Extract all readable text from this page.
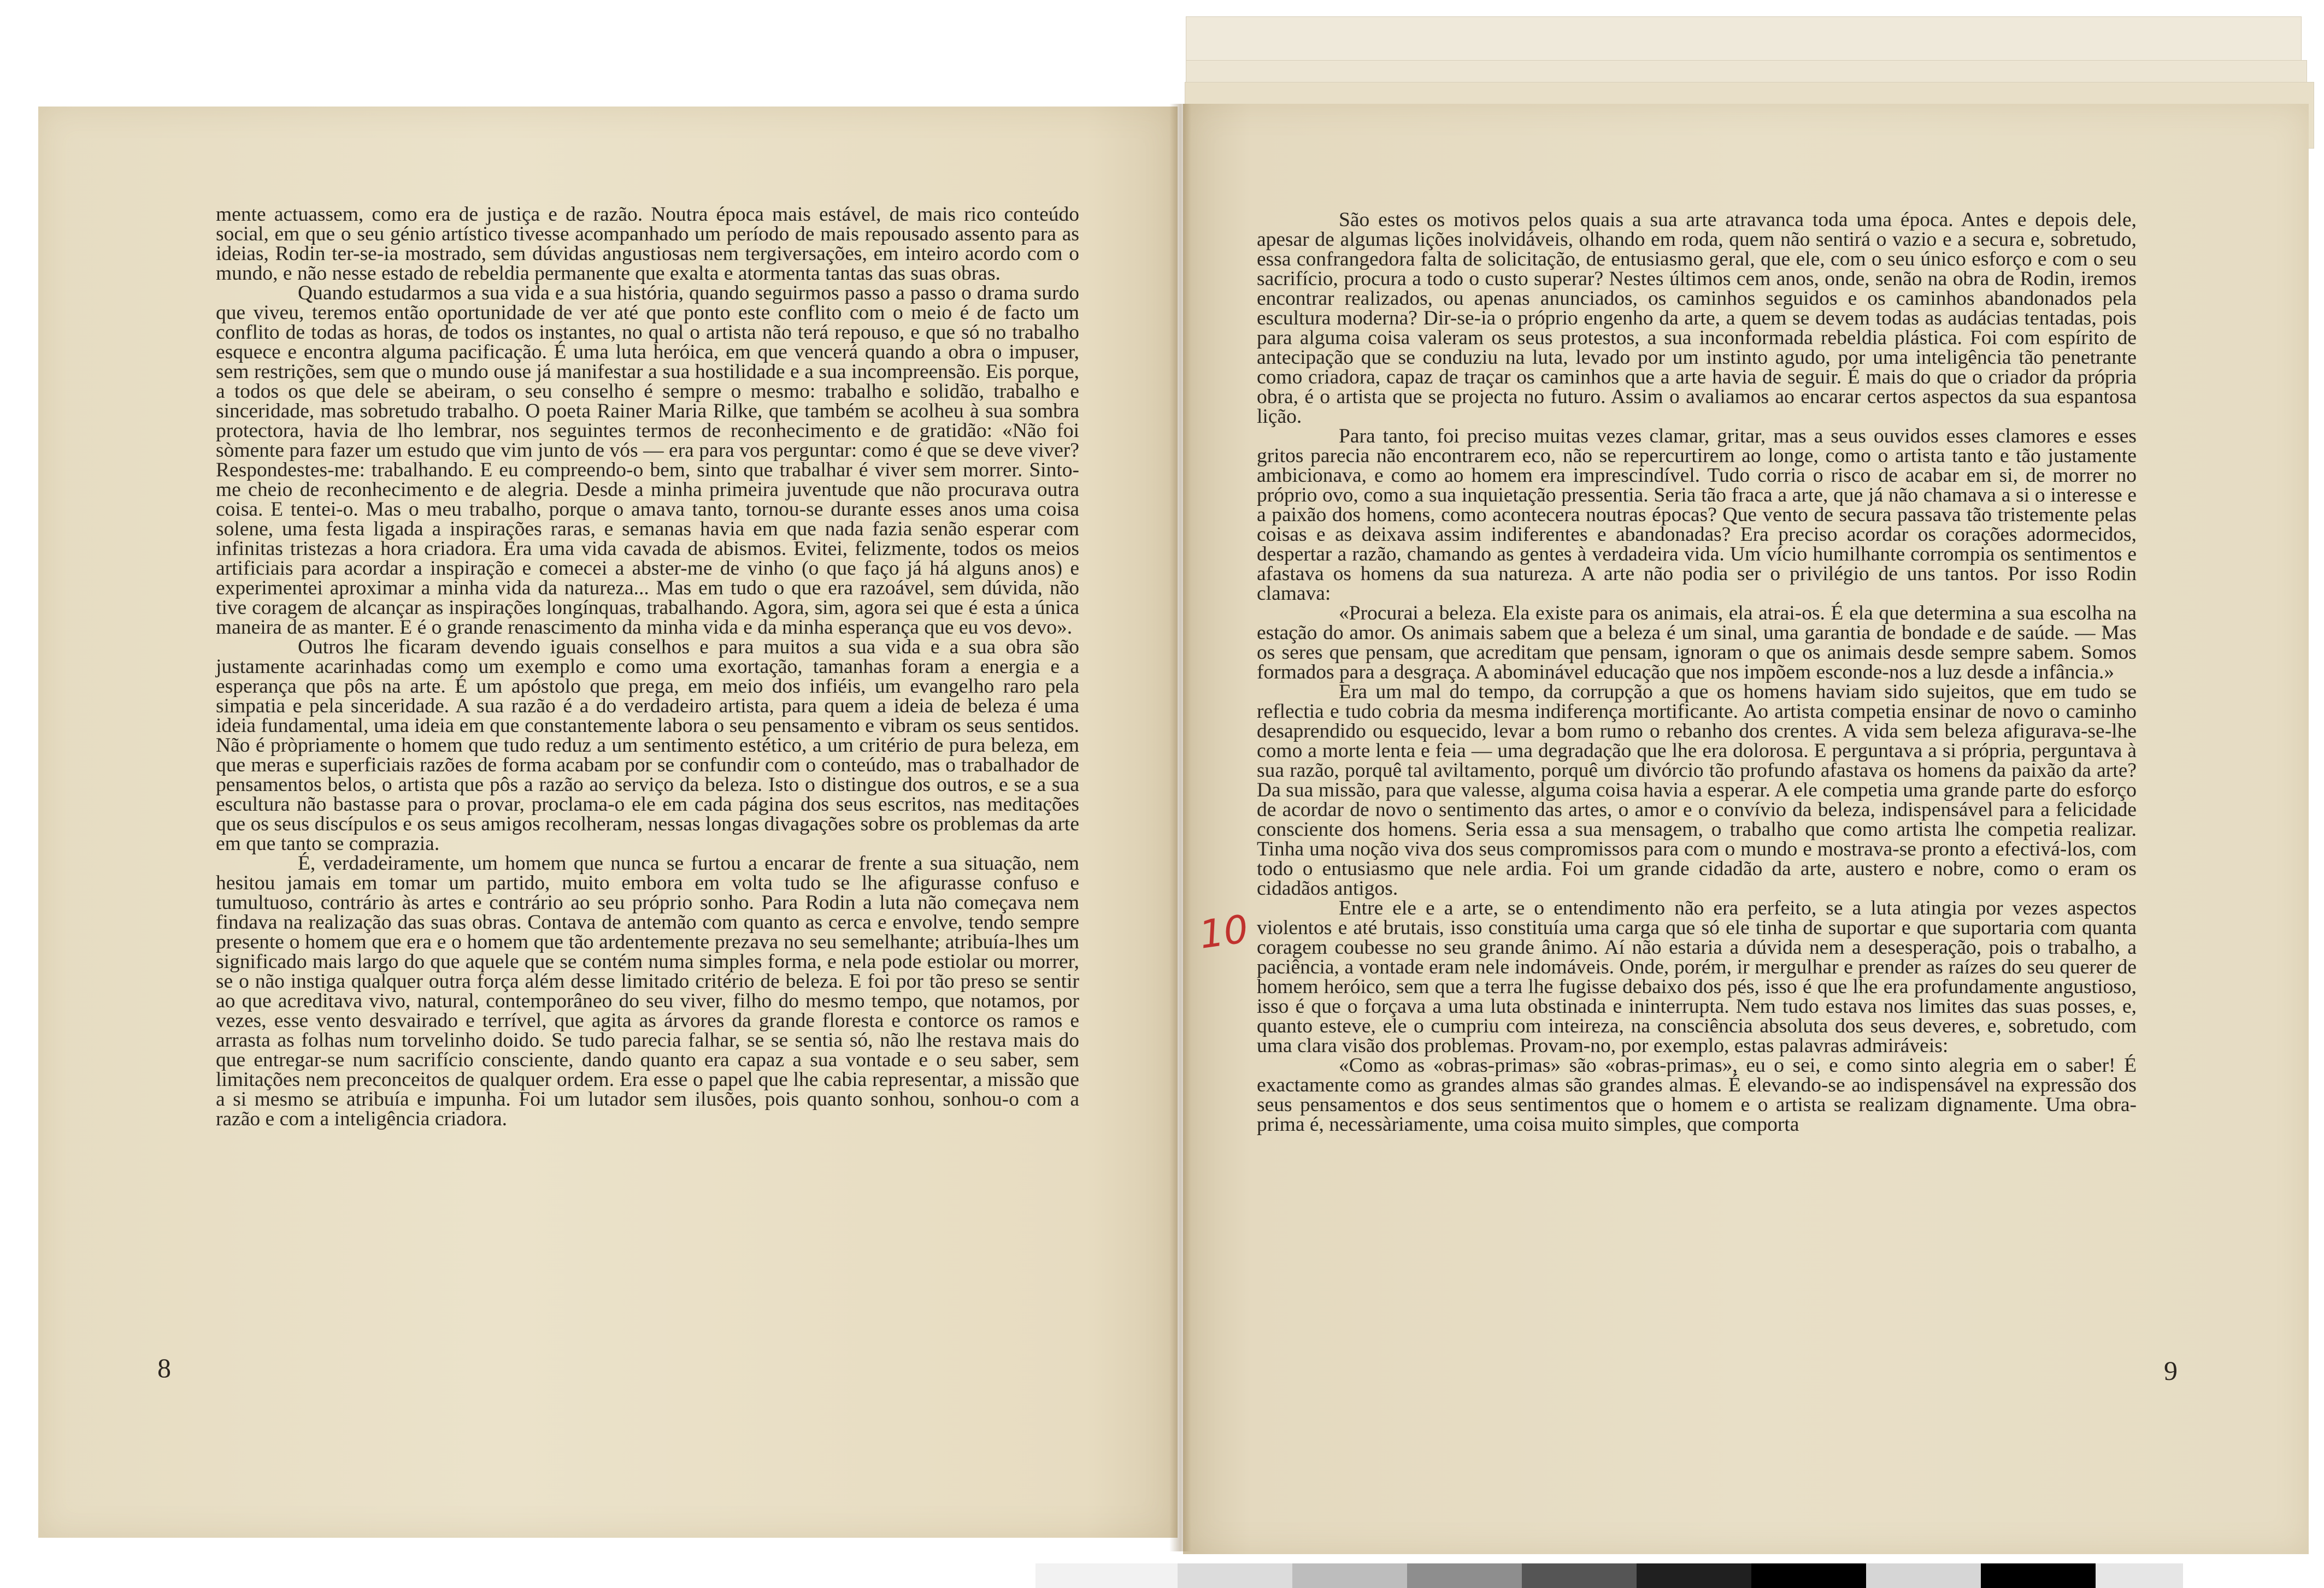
mente actuassem, como era de justiça e de razão. Noutra época mais estável, de mais rico conteúdo social, em que o seu génio artístico tivesse acompanhado um período de mais repousado assento para as ideias, Rodin ter-se-ia mostrado, sem dúvidas angustiosas nem tergiversações, em inteiro acordo com o mundo, e não nesse estado de rebeldia permanente que exalta e atormenta tantas das suas obras.

Quando estudarmos a sua vida e a sua história, quando seguirmos passo a passo o drama surdo que viveu, teremos então oportunidade de ver até que ponto este conflito com o meio é de facto um conflito de todas as horas, de todos os instantes, no qual o artista não terá repouso, e que só no trabalho esquece e encontra alguma pacificação. É uma luta heróica, em que vencerá quando a obra o impuser, sem restrições, sem que o mundo ouse já manifestar a sua hostilidade e a sua incompreensão. Eis porque, a todos os que dele se abeiram, o seu conselho é sempre o mesmo: trabalho e solidão, trabalho e sinceridade, mas sobretudo trabalho. O poeta Rainer Maria Rilke, que também se acolheu à sua sombra protectora, havia de lho lembrar, nos seguintes termos de reconhecimento e de gratidão: «Não foi sòmente para fazer um estudo que vim junto de vós — era para vos perguntar: como é que se deve viver? Respondestes-me: trabalhando. E eu compreendo-o bem, sinto que trabalhar é viver sem morrer. Sinto-me cheio de reconhecimento e de alegria. Desde a minha primeira juventude que não procurava outra coisa. E tentei-o. Mas o meu trabalho, porque o amava tanto, tornou-se durante esses anos uma coisa solene, uma festa ligada a inspirações raras, e semanas havia em que nada fazia senão esperar com infinitas tristezas a hora criadora. Era uma vida cavada de abismos. Evitei, felizmente, todos os meios artificiais para acordar a inspiração e comecei a abster-me de vinho (o que faço já há alguns anos) e experimentei aproximar a minha vida da natureza... Mas em tudo o que era razoável, sem dúvida, não tive coragem de alcançar as inspirações longínquas, trabalhando. Agora, sim, agora sei que é esta a única maneira de as manter. E é o grande renascimento da minha vida e da minha esperança que eu vos devo».

Outros lhe ficaram devendo iguais conselhos e para muitos a sua vida e a sua obra são justamente acarinhadas como um exemplo e como uma exortação, tamanhas foram a energia e a esperança que pôs na arte. É um apóstolo que prega, em meio dos infiéis, um evangelho raro pela simpatia e pela sinceridade. A sua razão é a do verdadeiro artista, para quem a ideia de beleza é uma ideia fundamental, uma ideia em que constantemente labora o seu pensamento e vibram os seus sentidos. Não é pròpriamente o homem que tudo reduz a um sentimento estético, a um critério de pura beleza, em que meras e superficiais razões de forma acabam por se confundir com o conteúdo, mas o trabalhador de pensamentos belos, o artista que pôs a razão ao serviço da beleza. Isto o distingue dos outros, e se a sua escultura não bastasse para o provar, proclama-o ele em cada página dos seus escritos, nas meditações que os seus discípulos e os seus amigos recolheram, nessas longas divagações sobre os problemas da arte em que tanto se comprazia.

É, verdadeiramente, um homem que nunca se furtou a encarar de frente a sua situação, nem hesitou jamais em tomar um partido, muito embora em volta tudo se lhe afigurasse confuso e tumultuoso, contrário às artes e contrário ao seu próprio sonho. Para Rodin a luta não começava nem findava na realização das suas obras. Contava de antemão com quanto as cerca e envolve, tendo sempre presente o homem que era e o homem que tão ardentemente prezava no seu semelhante; atribuía-lhes um significado mais largo do que aquele que se contém numa simples forma, e nela pode estiolar ou morrer, se o não instiga qualquer outra força além desse limitado critério de beleza. E foi por tão preso se sentir ao que acreditava vivo, natural, contemporâneo do seu viver, filho do mesmo tempo, que notamos, por vezes, esse vento desvairado e terrível, que agita as árvores da grande floresta e contorce os ramos e arrasta as folhas num torvelinho doido. Se tudo parecia falhar, se se sentia só, não lhe restava mais do que entregar-se num sacrifício consciente, dando quanto era capaz a sua vontade e o seu saber, sem limitações nem preconceitos de qualquer ordem. Era esse o papel que lhe cabia representar, a missão que a si mesmo se atribuía e impunha. Foi um lutador sem ilusões, pois quanto sonhou, sonhou-o com a razão e com a inteligência criadora.

São estes os motivos pelos quais a sua arte atravanca toda uma época. Antes e depois dele, apesar de algumas lições inolvidáveis, olhando em roda, quem não sentirá o vazio e a secura e, sobretudo, essa confrangedora falta de solicitação, de entusiasmo geral, que ele, com o seu único esforço e com o seu sacrifício, procura a todo o custo superar? Nestes últimos cem anos, onde, senão na obra de Rodin, iremos encontrar realizados, ou apenas anunciados, os caminhos seguidos e os caminhos abandonados pela escultura moderna? Dir-se-ia o próprio engenho da arte, a quem se devem todas as audácias tentadas, pois para alguma coisa valeram os seus protestos, a sua inconformada rebeldia plástica. Foi com espírito de antecipação que se conduziu na luta, levado por um instinto agudo, por uma inteligência tão penetrante como criadora, capaz de traçar os caminhos que a arte havia de seguir. É mais do que o criador da própria obra, é o artista que se projecta no futuro. Assim o avaliamos ao encarar certos aspectos da sua espantosa lição.

Para tanto, foi preciso muitas vezes clamar, gritar, mas a seus ouvidos esses clamores e esses gritos parecia não encontrarem eco, não se repercurtirem ao longe, como o artista tanto e tão justamente ambicionava, e como ao homem era imprescindível. Tudo corria o risco de acabar em si, de morrer no próprio ovo, como a sua inquietação pressentia. Seria tão fraca a arte, que já não chamava a si o interesse e a paixão dos homens, como acontecera noutras épocas? Que vento de secura passava tão tristemente pelas coisas e as deixava assim indiferentes e abandonadas? Era preciso acordar os corações adormecidos, despertar a razão, chamando as gentes à verdadeira vida. Um vício humilhante corrompia os sentimentos e afastava os homens da sua natureza. A arte não podia ser o privilégio de uns tantos. Por isso Rodin clamava:

«Procurai a beleza. Ela existe para os animais, ela atrai-os. É ela que determina a sua escolha na estação do amor. Os animais sabem que a beleza é um sinal, uma garantia de bondade e de saúde. — Mas os seres que pensam, que acreditam que pensam, ignoram o que os animais desde sempre sabem. Somos formados para a desgraça. A abominável educação que nos impõem esconde-nos a luz desde a infância.»

Era um mal do tempo, da corrupção a que os homens haviam sido sujeitos, que em tudo se reflectia e tudo cobria da mesma indiferença mortificante. Ao artista competia ensinar de novo o caminho desaprendido ou esquecido, levar a bom rumo o rebanho dos crentes. A vida sem beleza afigurava-se-lhe como a morte lenta e feia — uma degradação que lhe era dolorosa. E perguntava a si própria, perguntava à sua razão, porquê tal aviltamento, porquê um divórcio tão profundo afastava os homens da paixão da arte? Da sua missão, para que valesse, alguma coisa havia a esperar. A ele competia uma grande parte do esforço de acordar de novo o sentimento das artes, o amor e o convívio da beleza, indispensável para a felicidade consciente dos homens. Seria essa a sua mensagem, o trabalho que como artista lhe competia realizar. Tinha uma noção viva dos seus compromissos para com o mundo e mostrava-se pronto a efectivá-los, com todo o entusiasmo que nele ardia. Foi um grande cidadão da arte, austero e nobre, como o eram os cidadãos antigos.

Entre ele e a arte, se o entendimento não era perfeito, se a luta atingia por vezes aspectos violentos e até brutais, isso constituía uma carga que só ele tinha de suportar e que suportaria com quanta coragem coubesse no seu grande ânimo. Aí não estaria a dúvida nem a desesperação, pois o trabalho, a paciência, a vontade eram nele indomáveis. Onde, porém, ir mergulhar e prender as raízes do seu querer de homem heróico, sem que a terra lhe fugisse debaixo dos pés, isso é que lhe era profundamente angustioso, isso é que o forçava a uma luta obstinada e ininterrupta. Nem tudo estava nos limites das suas posses, e, quanto esteve, ele o cumpriu com inteireza, na consciência absoluta dos seus deveres, e, sobretudo, com uma clara visão dos problemas. Provam-no, por exemplo, estas palavras admiráveis:

«Como as «obras-primas» são «obras-primas», eu o sei, e como sinto alegria em o saber! É exactamente como as grandes almas são grandes almas. É elevando-se ao indispensável na expressão dos seus pensamentos e dos seus sentimentos que o homem e o artista se realizam dignamente. Uma obra-prima é, necessàriamente, uma coisa muito simples, que comporta

8	9
10
